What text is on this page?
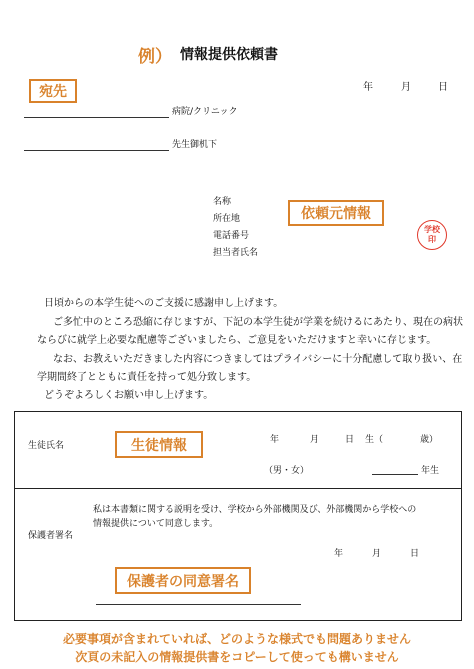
例） 情報提供依頼書
年	月	日
宛先
病院/クリニック
先生御机下
名称
所在地
電話番号
担当者氏名
依頼元情報
学校
印
日頃からの本学生徒へのご支援に感謝申し上げます。
ご多忙中のところ恐縮に存じますが、下記の本学生徒が学業を続けるにあたり、現在の病状
ならびに就学上必要な配慮等ございましたら、ご意見をいただけますと幸いに存じます。
なお、お教えいただきました内容につきましてはプライバシーに十分配慮して取り扱い、在
学期間終了とともに責任を持って処分致します。
どうぞよろしくお願い申し上げます。
生徒氏名	生徒情報	年	月	日 生（	歳）
（男・女）	年生
保護者署名
私は本書類に関する説明を受け、学校から外部機関及び、外部機関から学校への
情報提供について同意します。
年	月	日
保護者の同意署名
必要事項が含まれていれば、どのような様式でも問題ありません
次頁の未記入の情報提供書をコピーして使っても構いません
